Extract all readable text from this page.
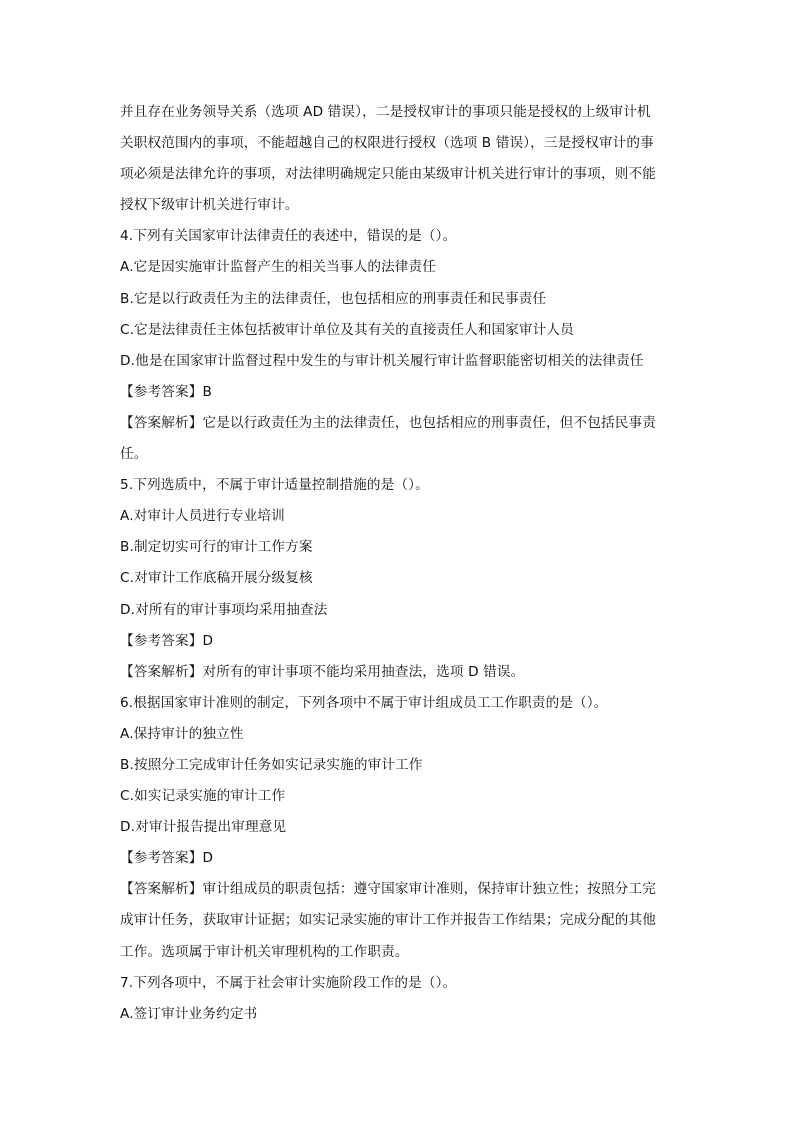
并且存在业务领导关系（选项 AD 错误），二是授权审计的事项只能是授权的上级审计机
关职权范围内的事项，不能超越自己的权限进行授权（选项 B 错误），三是授权审计的事
项必须是法律允许的事项，对法律明确规定只能由某级审计机关进行审计的事项，则不能
授权下级审计机关进行审计。
4.下列有关国家审计法律责任的表述中，错误的是（）。
A.它是因实施审计监督产生的相关当事人的法律责任
B.它是以行政责任为主的法律责任，也包括相应的刑事责任和民事责任
C.它是法律责任主体包括被审计单位及其有关的直接责任人和国家审计人员
D.他是在国家审计监督过程中发生的与审计机关履行审计监督职能密切相关的法律责任
【参考答案】B
【答案解析】它是以行政责任为主的法律责任，也包括相应的刑事责任，但不包括民事责
任。
5.下列选质中，不属于审计适量控制措施的是（）。
A.对审计人员进行专业培训
B.制定切实可行的审计工作方案
C.对审计工作底稿开展分级复核
D.对所有的审计事项均采用抽查法
【参考答案】D
【答案解析】对所有的审计事项不能均采用抽查法，选项 D 错误。
6.根据国家审计准则的制定，下列各项中不属于审计组成员工工作职责的是（）。
A.保持审计的独立性
B.按照分工完成审计任务如实记录实施的审计工作
C.如实记录实施的审计工作
D.对审计报告提出审理意见
【参考答案】D
【答案解析】审计组成员的职责包括：遵守国家审计准则，保持审计独立性；按照分工完
成审计任务，获取审计证据；如实记录实施的审计工作并报告工作结果；完成分配的其他
工作。选项属于审计机关审理机构的工作职责。
7.下列各项中，不属于社会审计实施阶段工作的是（）。
A.签订审计业务约定书
